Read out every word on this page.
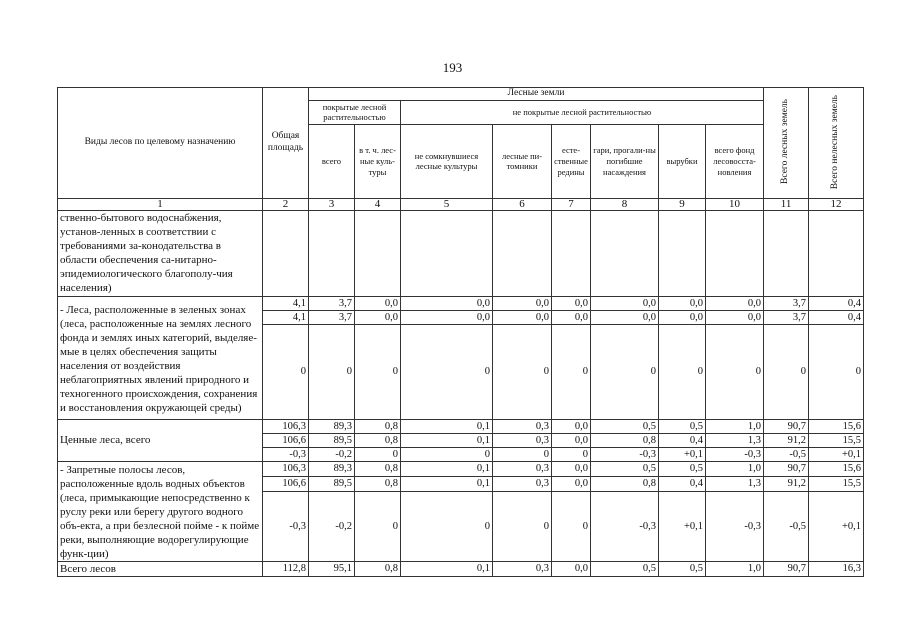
193
Виды лесов по целевому назначению	Общая площадь	Лесные земли								Всего лесных земель	Всего нелесных земель
		покрытые лесной растительностью		не покрытые лесной растительностью							
		всего	в т. ч. лес-ные куль-туры	не сомкнувшиеся лесные культуры	лесные пи-томники	есте-ственные редины	гари, прогали-ны погибшие насаждения	вырубки	всего фонд лесовосста-новления		
1	2	3	4	5	6	7	8	9	10	11	12
ственно-бытового водоснабжения, установ-ленных в соответствии с требованиями за-конодательства в области обеспечения са-нитарно-эпидемиологического благополу-чия населения)											
- Леса, расположенные в зеленых зонах (леса, расположенные на землях лесного фонда и землях иных категорий, выделяе-мые в целях обеспечения защиты населения от воздействия неблагоприятных явлений природного и техногенного происхождения, сохранения и восстановления окружающей среды)	4,1	3,7	0,0	0,0	0,0	0,0	0,0	0,0	0,0	3,7	0,4
	4,1	3,7	0,0	0,0	0,0	0,0	0,0	0,0	0,0	3,7	0,4
	0	0	0	0	0	0	0	0	0	0	0
Ценные леса, всего	106,3	89,3	0,8	0,1	0,3	0,0	0,5	0,5	1,0	90,7	15,6
	106,6	89,5	0,8	0,1	0,3	0,0	0,8	0,4	1,3	91,2	15,5
	-0,3	-0,2	0	0	0	0	-0,3	+0,1	-0,3	-0,5	+0,1
- Запретные полосы лесов, расположенные вдоль водных объектов (леса, примыкающие непосредственно к руслу реки или берегу другого водного объ-екта, а при безлесной пойме - к пойме реки, выполняющие водорегулирующие функ-ции)	106,3	89,3	0,8	0,1	0,3	0,0	0,5	0,5	1,0	90,7	15,6
	106,6	89,5	0,8	0,1	0,3	0,0	0,8	0,4	1,3	91,2	15,5
	-0,3	-0,2	0	0	0	0	-0,3	+0,1	-0,3	-0,5	+0,1
Всего лесов	112,8	95,1	0,8	0,1	0,3	0,0	0,5	0,5	1,0	90,7	16,3
